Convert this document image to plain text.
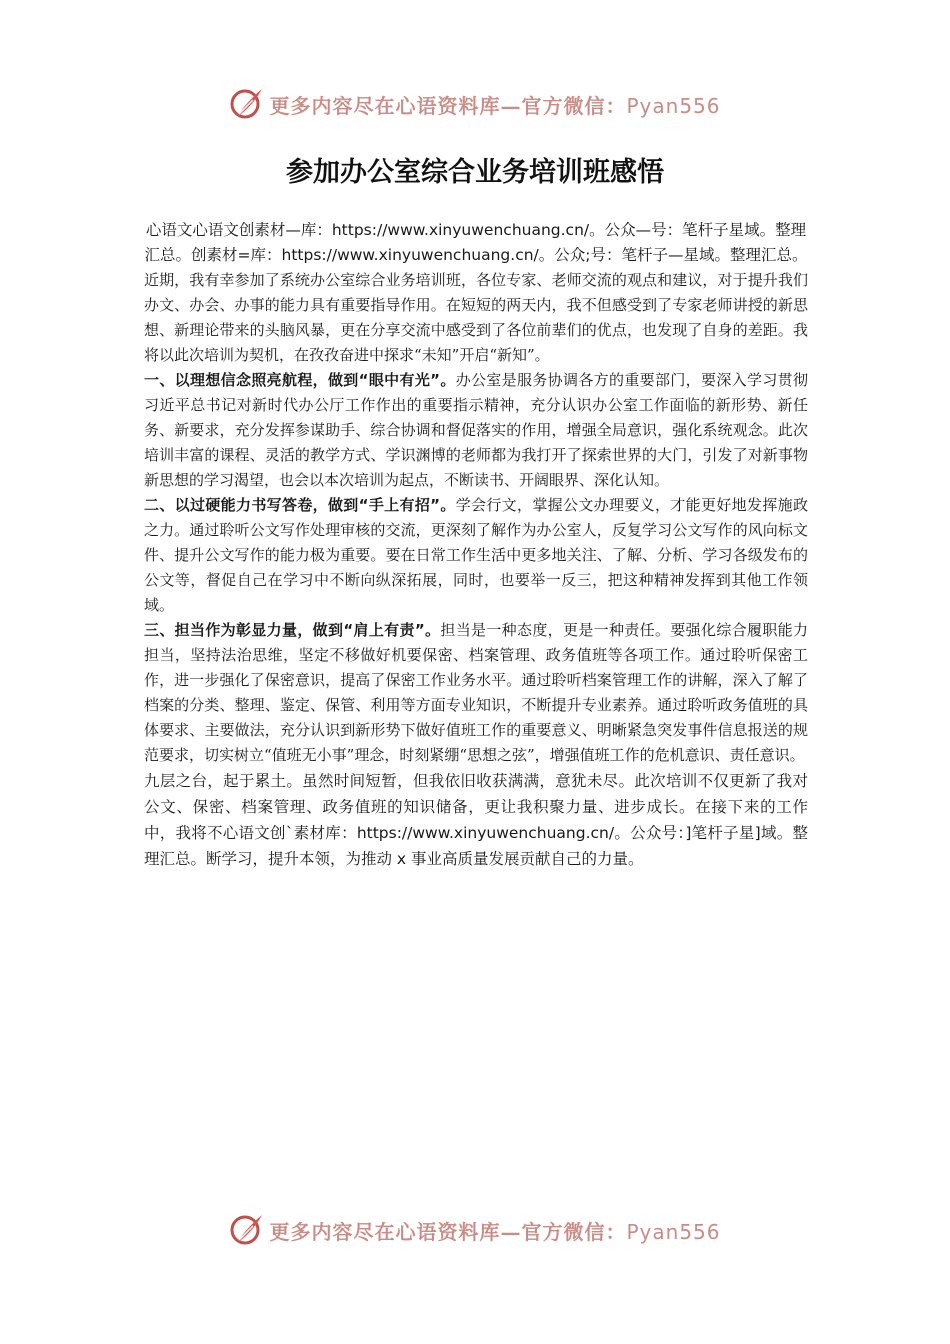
更多内容尽在心语资料库—官方微信：Pyan556
参加办公室综合业务培训班感悟

心语文心语文创素材—库：https://www.xinyuwenchuang.cn/。公众—号：笔杆子星域。整理汇总。创素材=库：https://www.xinyuwenchuang.cn/。公众;号：笔杆子—星域。整理汇总。

近期，我有幸参加了系统办公室综合业务培训班，各位专家、老师交流的观点和建议，对于提升我们办文、办会、办事的能力具有重要指导作用。在短短的两天内，我不但感受到了专家老师讲授的新思想、新理论带来的头脑风暴，更在分享交流中感受到了各位前辈们的优点，也发现了自身的差距。我将以此次培训为契机，在孜孜奋进中探求“未知”开启“新知”。

一、以理想信念照亮航程，做到“眼中有光”。办公室是服务协调各方的重要部门，要深入学习贯彻习近平总书记对新时代办公厅工作作出的重要指示精神，充分认识办公室工作面临的新形势、新任务、新要求，充分发挥参谋助手、综合协调和督促落实的作用，增强全局意识，强化系统观念。此次培训丰富的课程、灵活的教学方式、学识渊博的老师都为我打开了探索世界的大门，引发了对新事物新思想的学习渴望，也会以本次培训为起点，不断读书、开阔眼界、深化认知。

二、以过硬能力书写答卷，做到“手上有招”。学会行文，掌握公文办理要义，才能更好地发挥施政之力。通过聆听公文写作处理审核的交流，更深刻了解作为办公室人，反复学习公文写作的风向标文件、提升公文写作的能力极为重要。要在日常工作生活中更多地关注、了解、分析、学习各级发布的公文等，督促自己在学习中不断向纵深拓展，同时，也要举一反三，把这种精神发挥到其他工作领域。

三、担当作为彰显力量，做到“肩上有责”。担当是一种态度，更是一种责任。要强化综合履职能力担当，坚持法治思维，坚定不移做好机要保密、档案管理、政务值班等各项工作。通过聆听保密工作，进一步强化了保密意识，提高了保密工作业务水平。通过聆听档案管理工作的讲解，深入了解了档案的分类、整理、鉴定、保管、利用等方面专业知识，不断提升专业素养。通过聆听政务值班的具体要求、主要做法，充分认识到新形势下做好值班工作的重要意义、明晰紧急突发事件信息报送的规范要求，切实树立“值班无小事”理念，时刻紧绷“思想之弦”，增强值班工作的危机意识、责任意识。

九层之台，起于累土。虽然时间短暂，但我依旧收获满满，意犹未尽。此次培训不仅更新了我对公文、保密、档案管理、政务值班的知识储备，更让我积聚力量、进步成长。在接下来的工作中，我将不心语文创`素材库：https://www.xinyuwenchuang.cn/。公众号：]笔杆子星]域。整理汇总。断学习，提升本领，为推动 x 事业高质量发展贡献自己的力量。

更多内容尽在心语资料库—官方微信：Pyan556
